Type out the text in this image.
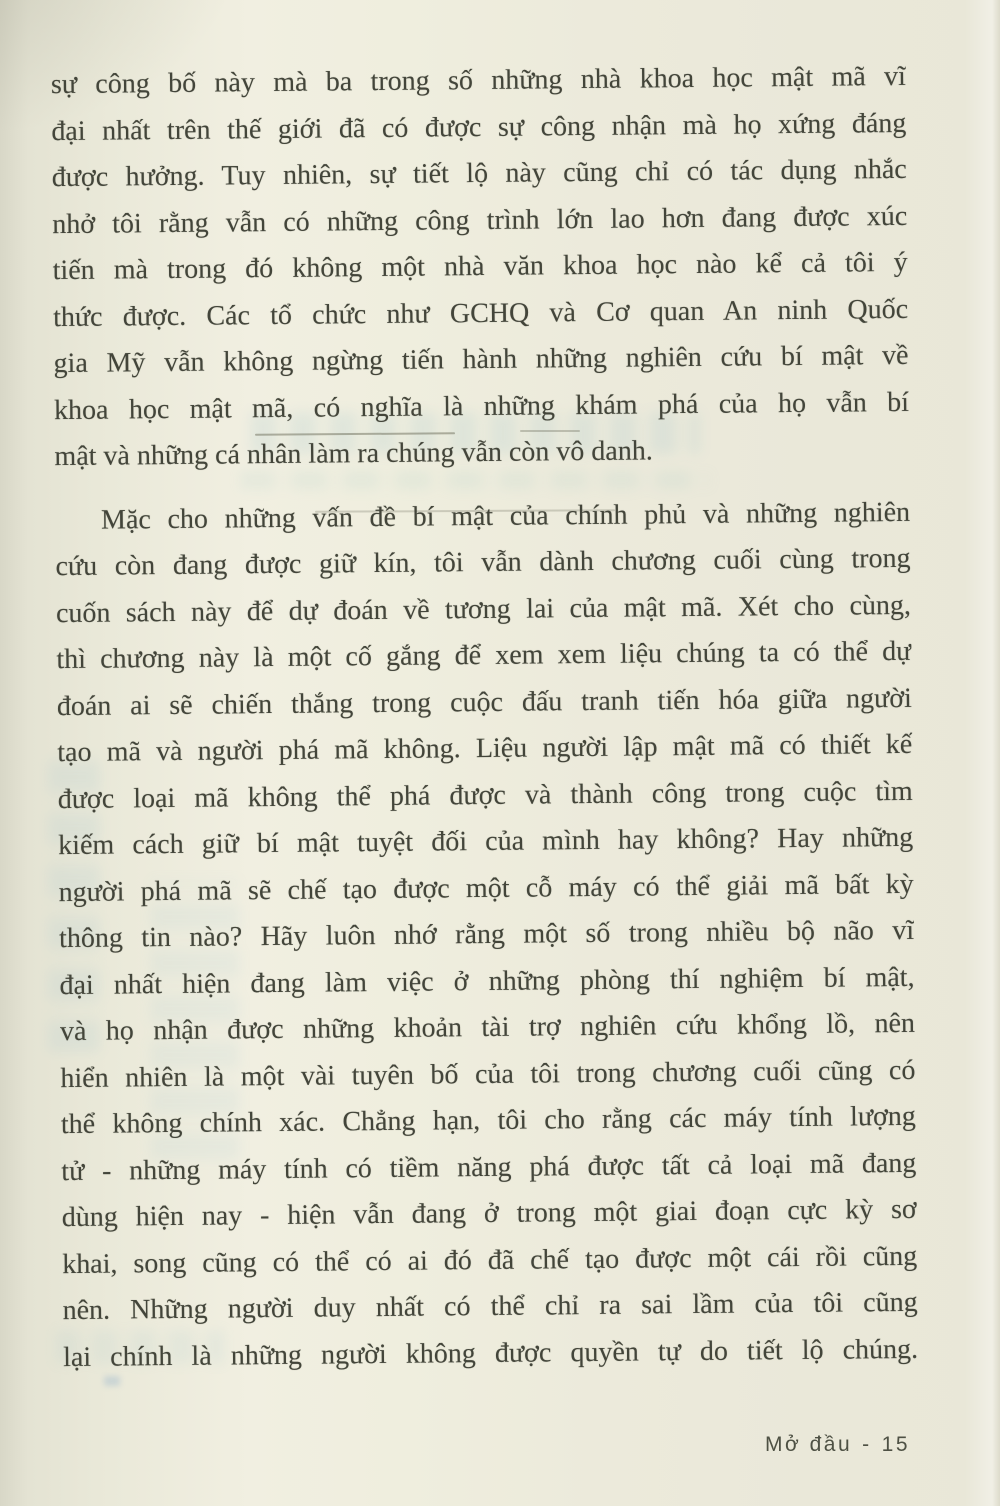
sự công bố này mà ba trong số những nhà khoa học mật mã vĩ
đại nhất trên thế giới đã có được sự công nhận mà họ xứng đáng
được hưởng. Tuy nhiên, sự tiết lộ này cũng chỉ có tác dụng nhắc
nhở tôi rằng vẫn có những công trình lớn lao hơn đang được xúc
tiến mà trong đó không một nhà văn khoa học nào kể cả tôi ý
thức được. Các tổ chức như GCHQ và Cơ quan An ninh Quốc
gia Mỹ vẫn không ngừng tiến hành những nghiên cứu bí mật về
khoa học mật mã, có nghĩa là những khám phá của họ vẫn bí
mật và những cá nhân làm ra chúng vẫn còn vô danh.
Mặc cho những vấn đề bí mật của chính phủ và những nghiên
cứu còn đang được giữ kín, tôi vẫn dành chương cuối cùng trong
cuốn sách này để dự đoán về tương lai của mật mã. Xét cho cùng,
thì chương này là một cố gắng để xem xem liệu chúng ta có thể dự
đoán ai sẽ chiến thắng trong cuộc đấu tranh tiến hóa giữa người
tạo mã và người phá mã không. Liệu người lập mật mã có thiết kế
được loại mã không thể phá được và thành công trong cuộc tìm
kiếm cách giữ bí mật tuyệt đối của mình hay không? Hay những
người phá mã sẽ chế tạo được một cỗ máy có thể giải mã bất kỳ
thông tin nào? Hãy luôn nhớ rằng một số trong nhiều bộ não vĩ
đại nhất hiện đang làm việc ở những phòng thí nghiệm bí mật,
và họ nhận được những khoản tài trợ nghiên cứu khổng lồ, nên
hiển nhiên là một vài tuyên bố của tôi trong chương cuối cũng có
thể không chính xác. Chẳng hạn, tôi cho rằng các máy tính lượng
tử - những máy tính có tiềm năng phá được tất cả loại mã đang
dùng hiện nay - hiện vẫn đang ở trong một giai đoạn cực kỳ sơ
khai, song cũng có thể có ai đó đã chế tạo được một cái rồi cũng
nên. Những người duy nhất có thể chỉ ra sai lầm của tôi cũng
lại chính là những người không được quyền tự do tiết lộ chúng.
Mở đầu - 15
